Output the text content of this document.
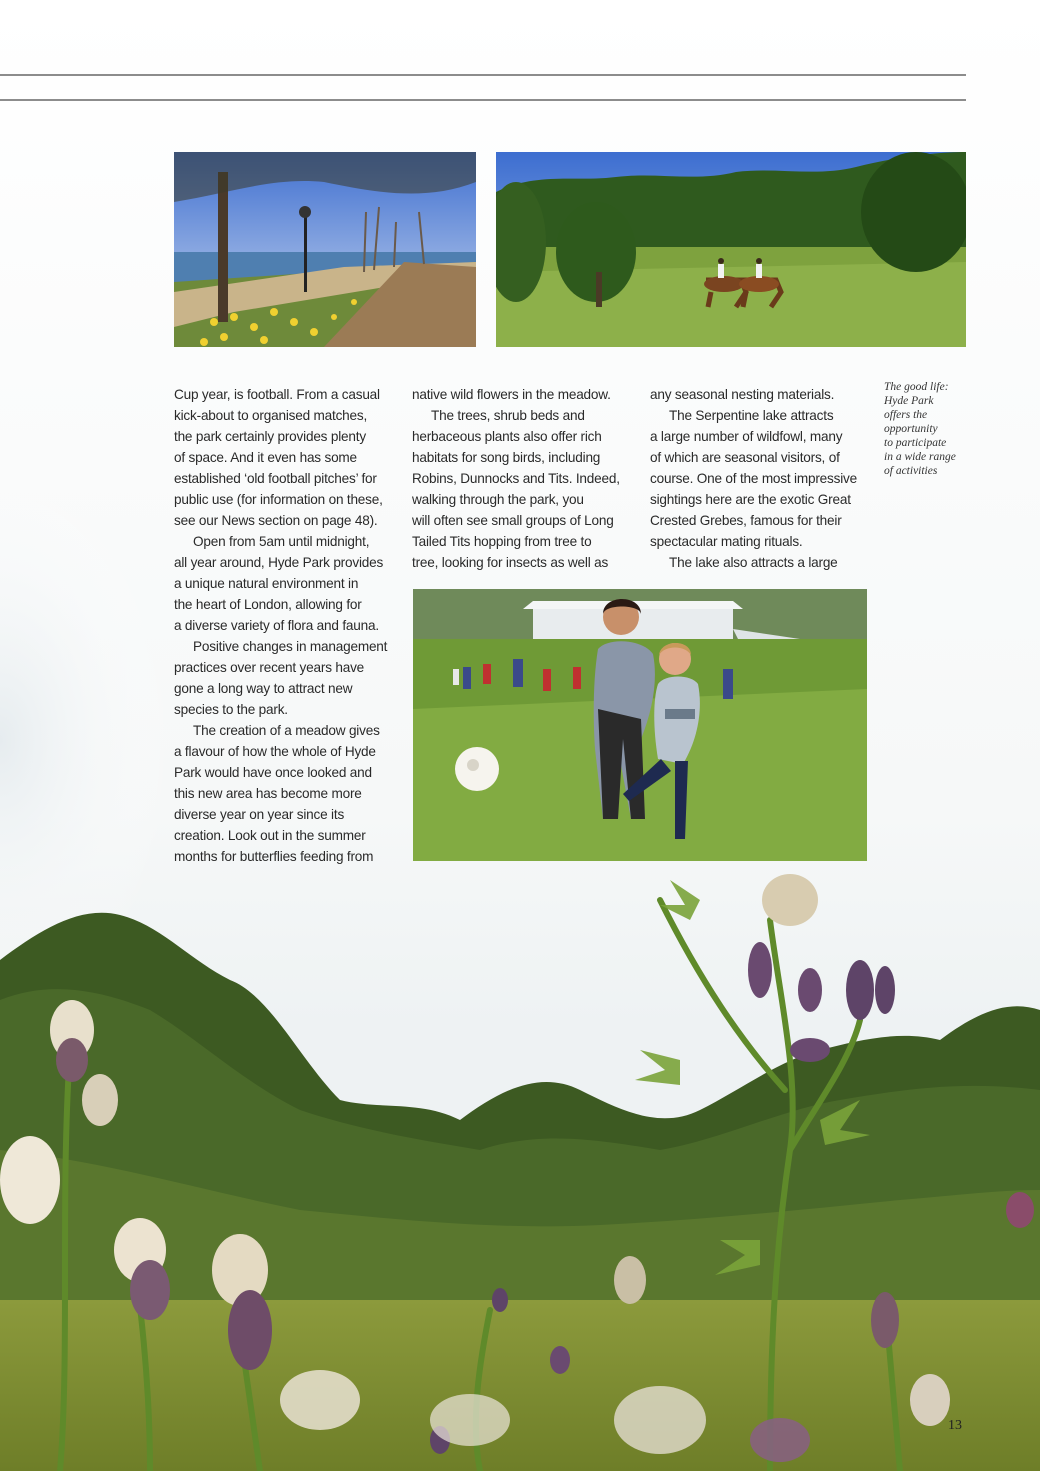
Cup year, is football. From a casual

kick-about to organised matches,

the park certainly provides plenty

of space. And it even has some

established ‘old football pitches’ for

public use (for information on these,

see our News section on page 48).

Open from 5am until midnight,

all year around, Hyde Park provides

a unique natural environment in

the heart of London, allowing for

a diverse variety of flora and fauna.

Positive changes in management

practices over recent years have

gone a long way to attract new

species to the park.

The creation of a meadow gives

a flavour of how the whole of Hyde

Park would have once looked and

this new area has become more

diverse year on year since its

creation. Look out in the summer

months for butterflies feeding from

native wild flowers in the meadow.

The trees, shrub beds and

herbaceous plants also offer rich

habitats for song birds, including

Robins, Dunnocks and Tits. Indeed,

walking through the park, you

will often see small groups of Long

Tailed Tits hopping from tree to

tree, looking for insects as well as

any seasonal nesting materials.

The Serpentine lake attracts

a large number of wildfowl, many

of which are seasonal visitors, of

course. One of the most impressive

sightings here are the exotic Great

Crested Grebes, famous for their

spectacular mating rituals.

The lake also attracts a large

The good life:
Hyde Park
offers the
opportunity
to participate
in a wide range
of activities
13
